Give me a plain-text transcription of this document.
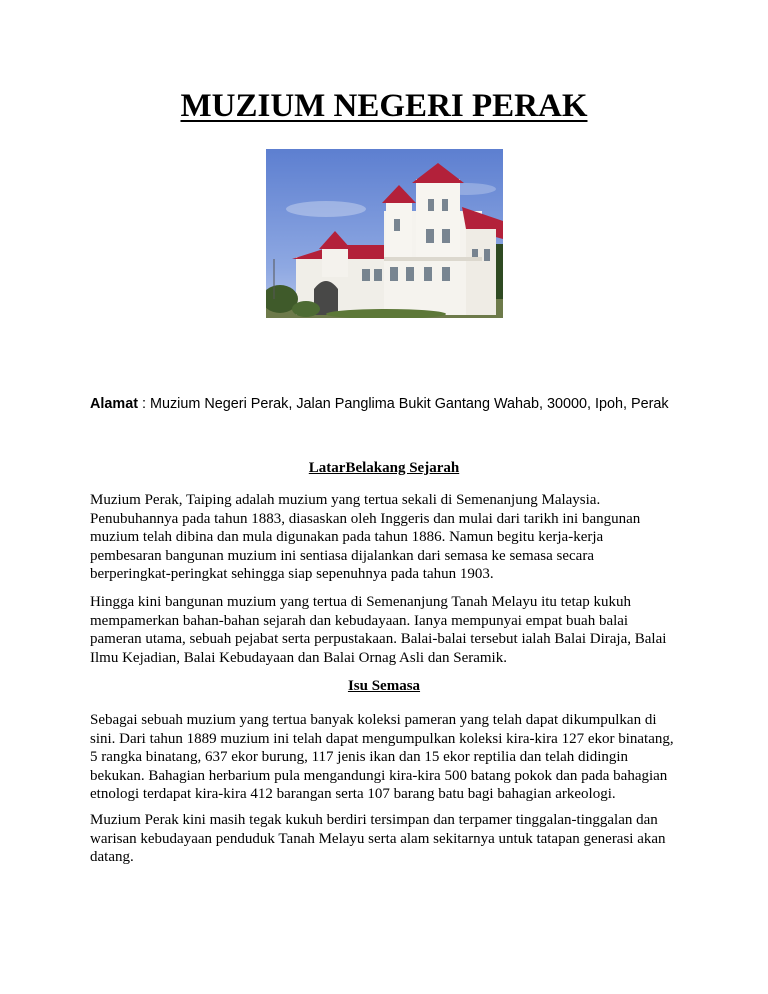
MUZIUM NEGERI PERAK
Alamat : Muzium Negeri Perak, Jalan Panglima Bukit Gantang Wahab, 30000, Ipoh, Perak
LatarBelakang Sejarah
Muzium Perak, Taiping adalah muzium yang tertua sekali di Semenanjung Malaysia.
Penubuhannya pada tahun 1883, diasaskan oleh Inggeris dan mulai dari tarikh ini bangunan
muzium telah dibina dan mula digunakan pada tahun 1886. Namun begitu kerja-kerja
pembesaran bangunan muzium ini sentiasa dijalankan dari semasa ke semasa secara
berperingkat-peringkat sehingga siap sepenuhnya pada tahun 1903.
Hingga kini bangunan muzium yang tertua di Semenanjung Tanah Melayu itu tetap kukuh
mempamerkan bahan-bahan sejarah dan kebudayaan. Ianya mempunyai empat buah balai
pameran utama, sebuah pejabat serta perpustakaan. Balai-balai tersebut ialah Balai Diraja, Balai
Ilmu Kejadian, Balai Kebudayaan dan Balai Ornag Asli dan Seramik.
Isu Semasa
Sebagai sebuah muzium yang tertua banyak koleksi pameran yang telah dapat dikumpulkan di
sini. Dari tahun 1889 muzium ini telah dapat mengumpulkan koleksi kira-kira 127 ekor binatang,
5 rangka binatang, 637 ekor burung, 117 jenis ikan dan 15 ekor reptilia dan telah didingin
bekukan. Bahagian herbarium pula mengandungi kira-kira 500 batang pokok dan pada bahagian
etnologi terdapat kira-kira 412 barangan serta 107 barang batu bagi bahagian arkeologi.
Muzium Perak kini masih tegak kukuh berdiri tersimpan dan terpamer tinggalan-tinggalan dan
warisan kebudayaan penduduk Tanah Melayu serta alam sekitarnya untuk tatapan generasi akan
datang.
